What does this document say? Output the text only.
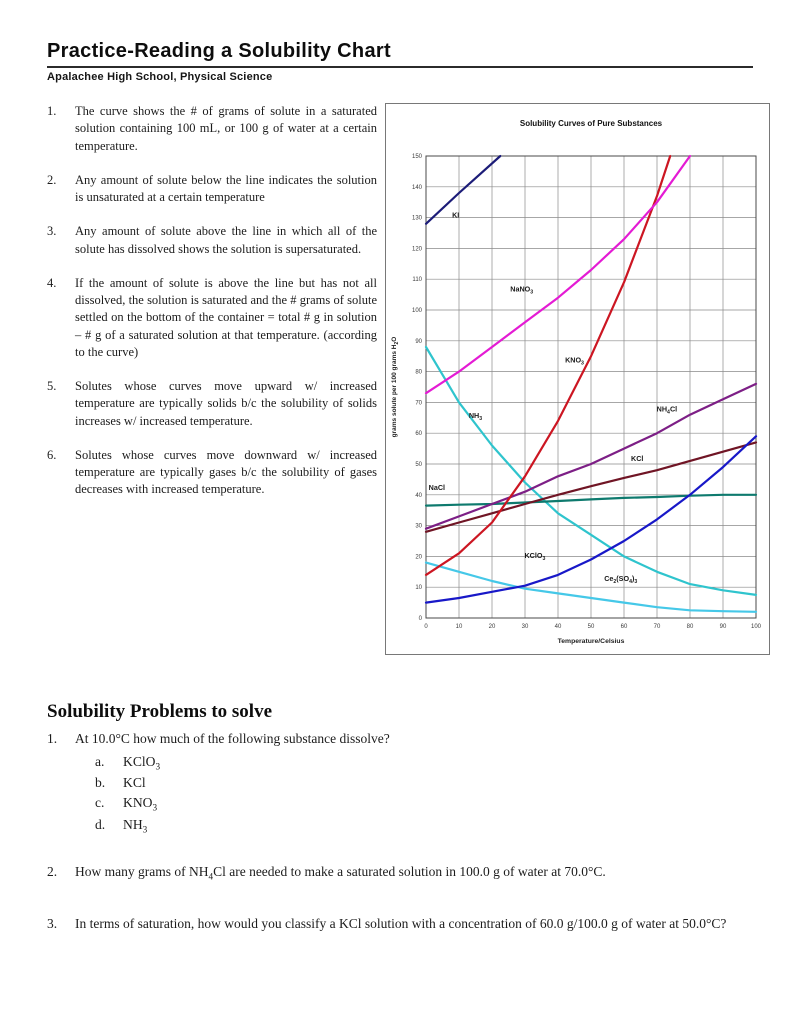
Practice-Reading a Solubility Chart
Apalachee High School, Physical Science
1.	The curve shows the # of grams of solute in a saturated solution containing 100 mL, or 100 g of water at a certain temperature.
2.	Any amount of solute below the line indicates the solution is unsaturated at a certain temperature
3.	Any amount of solute above the line in which all of the solute has dissolved shows the solution is supersaturated.
4.	If the amount of solute is above the line but has not all dissolved, the solution is saturated and the # grams of solute settled on the bottom of the container = total # g in solution – # g of a saturated solution at that temperature. (according to the curve)
5.	Solutes whose curves move upward w/ increased temperature are typically solids b/c the solubility of solids increases w/ increased temperature.
6.	Solutes whose curves move downward w/ increased temperature are typically gases b/c the solubility of gases decreases with increased temperature.
0
10
20
30
40
50
60
70
80
90
100
110
120
130
140
150
0	10	20	30	40	50	60	70	80	90	100
Solubility Curves of Pure Substances
Temperature/Celsius
grams solute per 100 grams $H_2O$
$Ce_2(SO_4)_3$
$NH_3$
NaCl
KCl
$NH_4Cl$
KClO$_3$
$KNO_3$
NaNO$_3$
KI
Solubility Problems to solve
1.	At 10.0°C how much of the following substance dissolve?
a.	KClO$_3$
b.	KCl
c.	$KNO_3$
d.	$NH_3$
2.	How many grams of $NH_4Cl$ are needed to make a saturated solution in 100.0 g of water at 70.0°C.
3.	In terms of saturation, how would you classify a KCl solution with a concentration of 60.0 g/100.0 g of water at 50.0°C?
